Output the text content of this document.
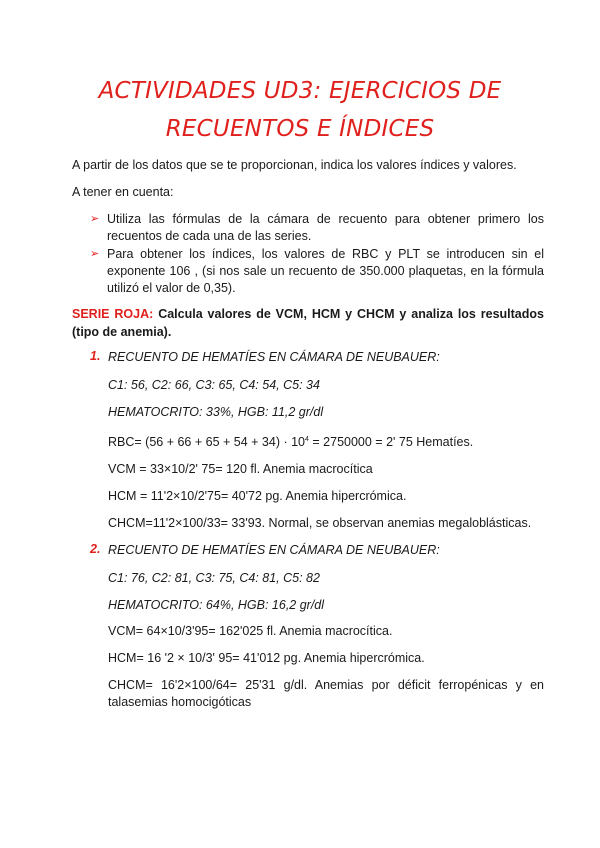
ACTIVIDADES UD3: EJERCICIOS DE
RECUENTOS E ÍNDICES
A partir de los datos que se te proporcionan, indica los valores índices y valores.
A tener en cuenta:
➢ Utiliza las fórmulas de la cámara de recuento para obtener primero los recuentos de cada una de las series.
➢ Para obtener los índices, los valores de RBC y PLT se introducen sin el exponente 106 , (si nos sale un recuento de 350.000 plaquetas, en la fórmula utilizó el valor de 0,35).
SERIE ROJA: Calcula valores de VCM, HCM y CHCM y analiza los resultados (tipo de anemia).
1. RECUENTO DE HEMATÍES EN CÁMARA DE NEUBAUER:
C1: 56, C2: 66, C3: 65, C4: 54, C5: 34
HEMATOCRITO: 33%, HGB: 11,2 gr/dl
$RBC= (56 + 66 + 65 + 54 + 34) \cdot 10^4 = 2750000 = 2'$ 75 Hematíes.
VCM = 33×10/2' 75= 120 fl. Anemia macrocítica
HCM = 11'2×10/2'75= 40'72 pg. Anemia hipercrómica.
CHCM=11'2×100/33= 33'93. Normal, se observan anemias megaloblásticas.
2. RECUENTO DE HEMATÍES EN CÁMARA DE NEUBAUER:
C1: 76, C2: 81, C3: 75, C4: 81, C5: 82
HEMATOCRITO: 64%, HGB: 16,2 gr/dl
VCM= 64×10/3'95= 162'025 fl. Anemia macrocítica.
HCM= 16 '2 × 10/3' 95= 41'012 pg. Anemia hipercrómica.
CHCM= 16'2×100/64= 25'31 g/dl. Anemias por déficit ferropénicas y en talasemias homocigóticas
